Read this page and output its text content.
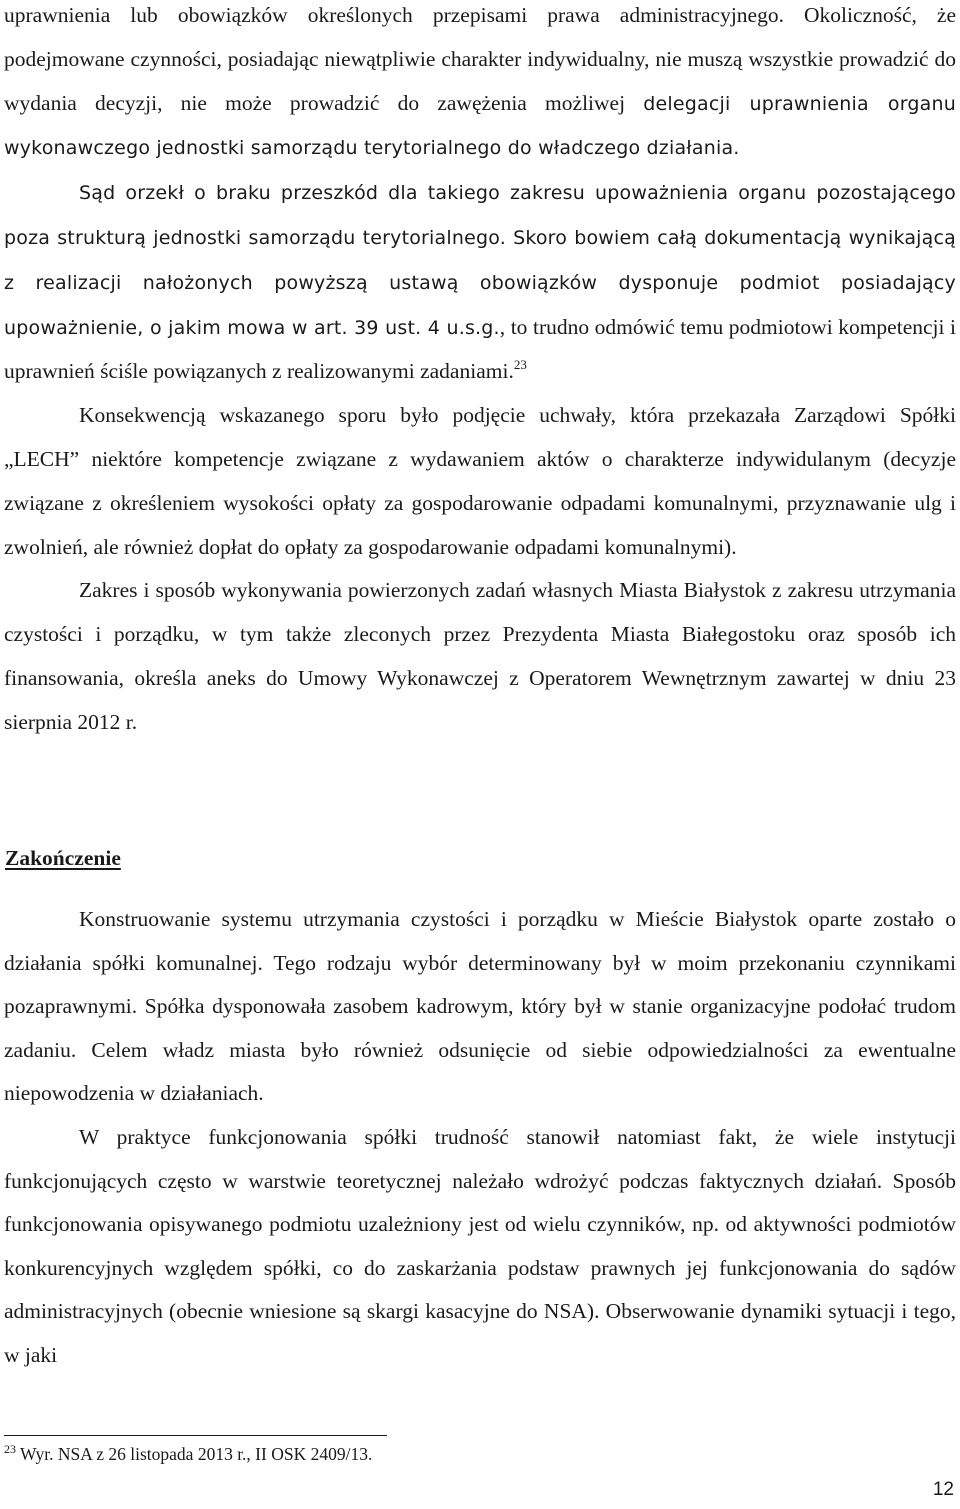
uprawnienia lub obowiązków określonych przepisami prawa administracyjnego. Okoliczność, że podejmowane czynności, posiadając niewątpliwie charakter indywidualny, nie muszą wszystkie prowadzić do wydania decyzji, nie może prowadzić do zawężenia możliwej delegacji uprawnienia organu wykonawczego jednostki samorządu terytorialnego do władczego działania.

Sąd orzekł o braku przeszkód dla takiego zakresu upoważnienia organu pozostającego poza strukturą jednostki samorządu terytorialnego. Skoro bowiem całą dokumentacją wynikającą z realizacji nałożonych powyższą ustawą obowiązków dysponuje podmiot posiadający upoważnienie, o jakim mowa w art. 39 ust. 4 u.s.g., to trudno odmówić temu podmiotowi kompetencji i uprawnień ściśle powiązanych z realizowanymi zadaniami.$^{23}$

Konsekwencją wskazanego sporu było podjęcie uchwały, która przekazała Zarządowi Spółki „LECH” niektóre kompetencje związane z wydawaniem aktów o charakterze indywidulanym (decyzje związane z określeniem wysokości opłaty za gospodarowanie odpadami komunalnymi, przyznawanie ulg i zwolnień, ale również dopłat do opłaty za gospodarowanie odpadami komunalnymi).

Zakres i sposób wykonywania powierzonych zadań własnych Miasta Białystok z zakresu utrzymania czystości i porządku, w tym także zleconych przez Prezydenta Miasta Białegostoku oraz sposób ich finansowania, określa aneks do Umowy Wykonawczej z Operatorem Wewnętrznym zawartej w dniu 23 sierpnia 2012 r.

Zakończenie

Konstruowanie systemu utrzymania czystości i porządku w Mieście Białystok oparte zostało o działania spółki komunalnej. Tego rodzaju wybór determinowany był w moim przekonaniu czynnikami pozaprawnymi. Spółka dysponowała zasobem kadrowym, który był w stanie organizacyjne podołać trudom zadaniu. Celem władz miasta było również odsunięcie od siebie odpowiedzialności za ewentualne niepowodzenia w działaniach.

W praktyce funkcjonowania spółki trudność stanowił natomiast fakt, że wiele instytucji funkcjonujących często w warstwie teoretycznej należało wdrożyć podczas faktycznych działań. Sposób funkcjonowania opisywanego podmiotu uzależniony jest od wielu czynników, np. od aktywności podmiotów konkurencyjnych względem spółki, co do zaskarżania podstaw prawnych jej funkcjonowania do sądów administracyjnych (obecnie wniesione są skargi kasacyjne do NSA). Obserwowanie dynamiki sytuacji i tego, w jaki

$^{23}$ Wyr. NSA z 26 listopada 2013 r., II OSK 2409/13.
12
